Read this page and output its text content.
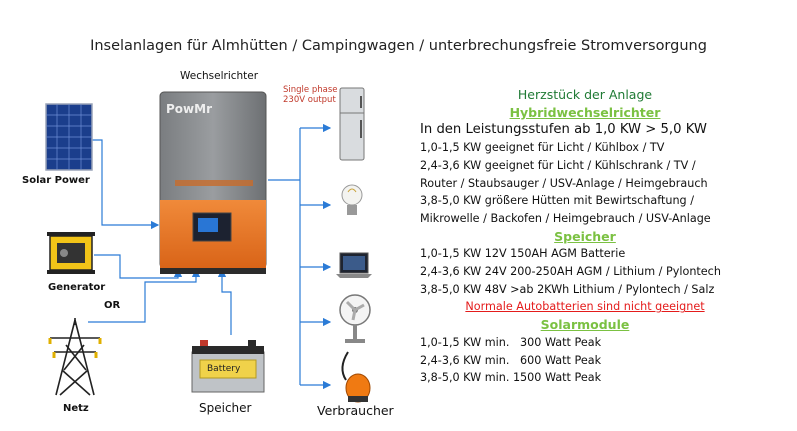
Inselanlagen für Almhütten / Campingwagen / unterbrechungsfreie Stromversorgung
Wechselrichter
PowMr
Single phase
230V output
Solar Power
Generator
OR
Netz
Battery
Speicher	Verbraucher
Herzstück der Anlage
Hybridwechselrichter
In den Leistungsstufen ab 1,0 KW > 5,0 KW
1,0-1,5 KW geeignet für Licht / Kühlbox / TV
2,4-3,6 KW geeignet für Licht / Kühlschrank / TV /
Router / Staubsauger / USV-Anlage / Heimgebrauch
3,8-5,0 KW größere Hütten mit Bewirtschaftung /
Mikrowelle / Backofen / Heimgebrauch / USV-Anlage
Speicher
1,0-1,5 KW 12V 150AH AGM Batterie
2,4-3,6 KW 24V 200-250AH AGM / Lithium / Pylontech
3,8-5,0 KW 48V >ab 2KWh Lithium / Pylontech / Salz
Normale Autobatterien sind nicht geeignet
Solarmodule
1,0-1,5 KW min.   300 Watt Peak
2,4-3,6 KW min.   600 Watt Peak
3,8-5,0 KW min. 1500 Watt Peak
